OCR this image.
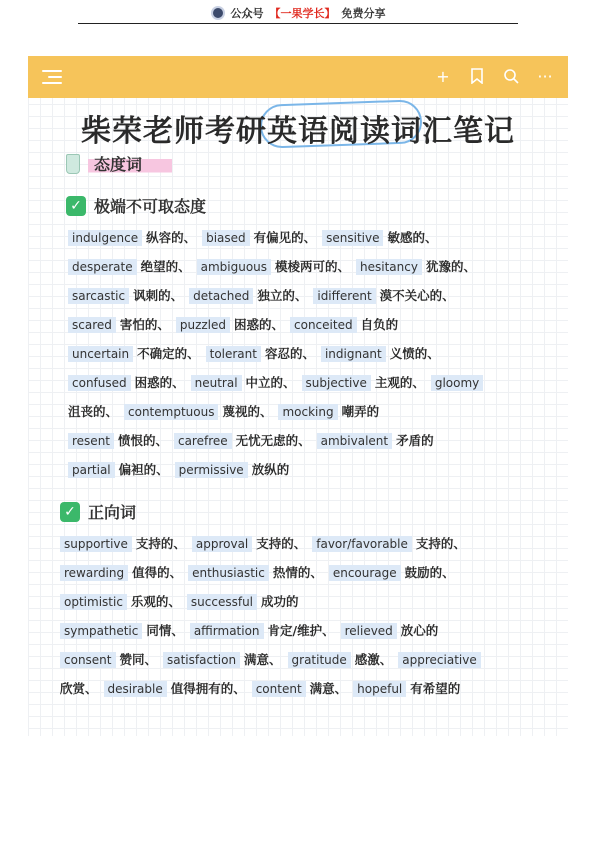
公众号 【一果学长】 免费分享
+	···
柴荣老师考研英语阅读词汇笔记
态度词
✓ 极端不可取态度
indulgence 纵容的、 biased 有偏见的、 sensitive 敏感的、
desperate 绝望的、 ambiguous 模棱两可的、 hesitancy 犹豫的、
sarcastic 讽刺的、 detached 独立的、 idifferent 漠不关心的、
scared 害怕的、 puzzled 困惑的、 conceited 自负的
uncertain 不确定的、 tolerant 容忍的、 indignant 义愤的、
confused 困惑的、 neutral 中立的、 subjective 主观的、 gloomy
沮丧的、 contemptuous 蔑视的、 mocking 嘲弄的
resent 愤恨的、 carefree 无忧无虑的、 ambivalent 矛盾的
partial 偏袒的、 permissive 放纵的
✓ 正向词
supportive 支持的、 approval 支持的、 favor/favorable 支持的、
rewarding 值得的、 enthusiastic 热情的、 encourage 鼓励的、
optimistic 乐观的、 successful 成功的
sympathetic 同情、 affirmation 肯定/维护、 relieved 放心的
consent 赞同、 satisfaction 满意、 gratitude 感激、 appreciative
欣赏、 desirable 值得拥有的、 content 满意、 hopeful 有希望的
